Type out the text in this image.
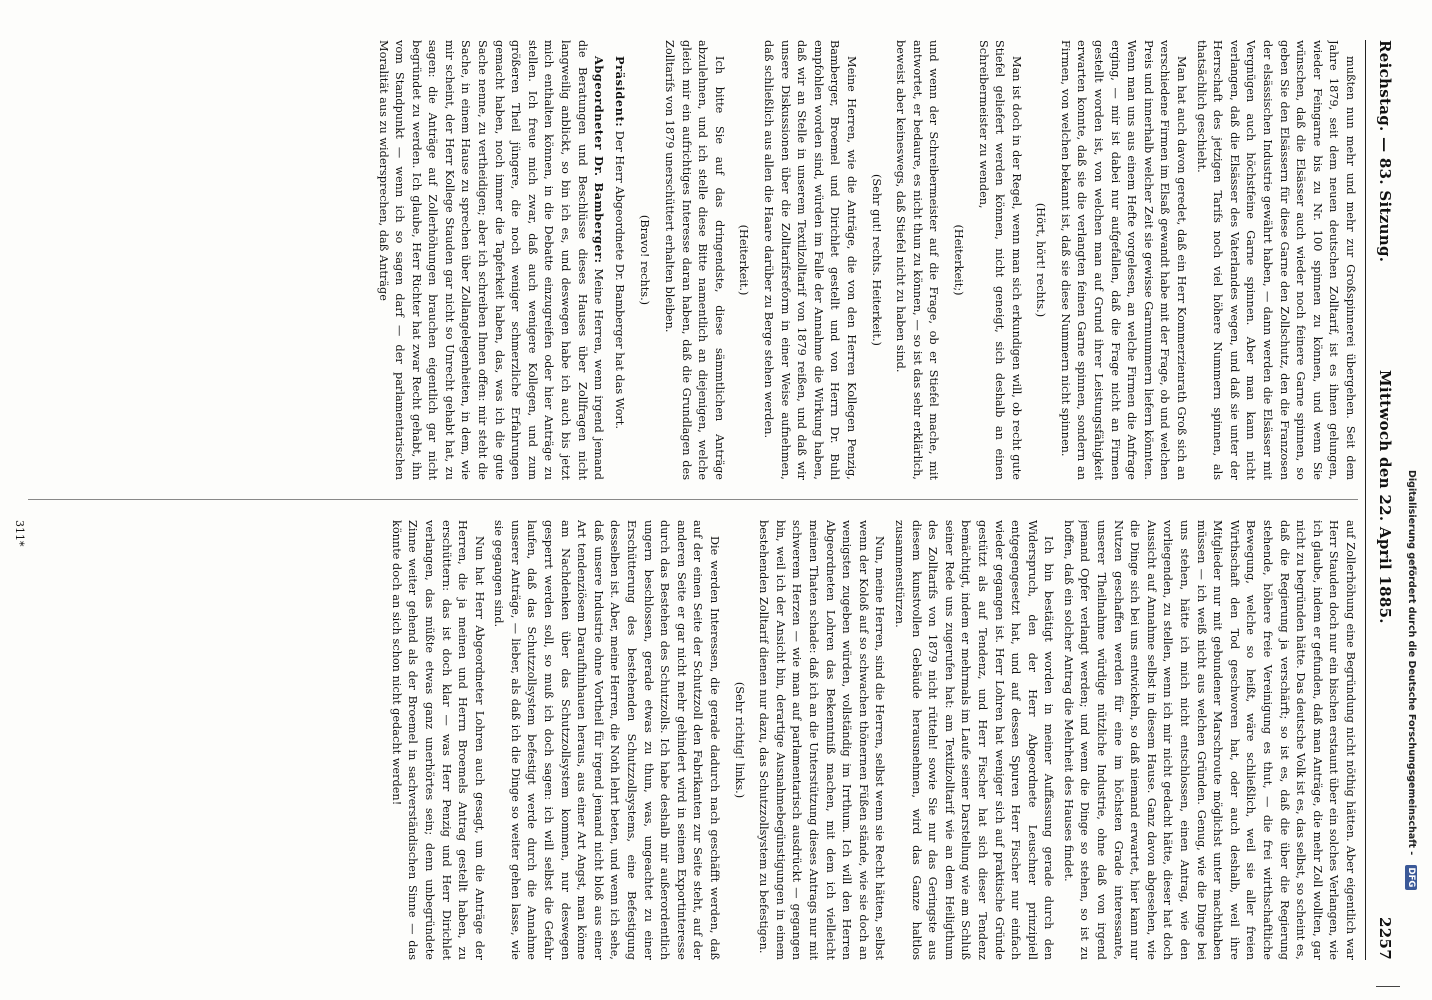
Reichstag. — 83. Sitzung.
Mittwoch den 22. April 1885.
2257

mußten nun mehr und mehr zur Großspinnerei übergehen. Seit dem Jahre 1879, seit dem neuen deutschen Zolltarif, ist es ihnen gelungen, wieder Feingarne bis zu Nr. 100 spinnen zu können, und wenn Sie wünschen, daß die Elsässer auch wieder noch feinere Garne spinnen, so geben Sie den Elsässern für diese Garne den Zollschutz, den die Franzosen der elsässischen Industrie gewährt haben, — dann werden die Elsässer mit Vergnügen auch höchstfeine Garne spinnen. Aber man kann nicht verlangen, daß die Elsässer des Vaterlandes wegen, und daß sie unter der Herrschaft des jetzigen Tarifs noch viel höhere Nummern spinnen, als thatsächlich geschieht.

Man hat auch davon geredet, daß ein Herr Kommerzienrath Groß sich an verschiedene Firmen im Elsaß gewandt habe mit der Frage, ob und welchen Preis und innerhalb welcher Zeit sie gewisse Garnnummern liefern könnten. Wenn man uns aus einem Hefte vorgelesen, an welche Firmen die Anfrage erging, — mir ist dabei nur aufgefallen, daß die Frage nicht an Firmen gestellt worden ist, von welchen man auf Grund ihrer Leistungsfähigkeit erwarten konnte, daß sie die verlangten feinen Garne spinnen, sondern an Firmen, von welchen bekannt ist, daß sie diese Nummern nicht spinnen.

(Hört, hört! rechts.)

Man ist doch in der Regel, wenn man sich erkundigen will, ob recht gute Stiefel geliefert werden können, nicht geneigt, sich deshalb an einen Schreibermeister zu wenden,

(Heiterkeit;)

und wenn der Schreibermeister auf die Frage, ob er Stiefel mache, mit antwortet, er bedaure, es nicht thun zu können, — so ist das sehr erklärlich, beweist aber keineswegs, daß Stiefel nicht zu haben sind.

(Sehr gut! rechts. Heiterkeit.)

Meine Herren, wie die Anträge, die von den Herren Kollegen Penzig, Bamberger, Broemel und Dirichlet gestellt und von Herrn Dr. Buhl empfohlen worden sind, würden im Falle der Annahme die Wirkung haben, daß wir an Stelle in unserem Textilzolltarif von 1879 reißen, und daß wir unsere Diskussionen über die Zolltarifsreform in einer Weise aufnehmen, daß schließlich aus allen die Haare darüber zu Berge stehen werden.

(Heiterkeit.)

Ich bitte Sie auf das dringendste, diese sämmtlichen Anträge abzulehnen, und ich stelle diese Bitte namentlich an diejenigen, welche gleich mir ein aufrichtiges Interesse daran haben, daß die Grundlagen des Zolltarifs von 1879 unerschüttert erhalten bleiben.

(Bravo! rechts.)

Präsident: Der Herr Abgeordnete Dr. Bamberger hat das Wort.

Abgeordneter Dr. Bamberger: Meine Herren, wenn irgend jemand die Beratungen und Beschlüsse dieses Hauses über Zollfragen nicht langweilig anblickt, so bin ich es, und deswegen habe ich auch bis jetzt mich enthalten können, in die Debatte einzugreifen oder hier Anträge zu stellen. Ich freue mich zwar, daß auch wenigere Kollegen, und zum größeren Theil jüngere, die noch weniger schmerzliche Erfahrungen gemacht haben, noch immer die Tapferkeit haben, das, was ich die gute Sache nenne, zu vertheidigen; aber ich schreiben Ihnen offen: mir steht die Sache, in einem Hause zu sprechen über Zollangelegenheiten, in dem, wie mir scheint, der Herr Kollege Stauden gar nicht so Unrecht gehabt hat, zu sagen: die Anträge auf Zollerhöhungen brauchen eigentlich gar nicht begründet zu werden. Ich glaube, Herr Richter hat zwar Recht gehabt, ihn vom Standpunkt — wenn ich so sagen darf — der parlamentarischen Moralität aus zu widersprechen, daß Anträge

auf Zollerhöhung eine Begründung nicht nöthig hätten. Aber eigentlich war Herr Stauden doch nur ein bischen erstaunt über ein solches Verlangen, wie ich glaube, indem er gefunden, daß man Anträge, die mehr Zoll wollten, gar nicht zu begründen hätte. Das deutsche Volk ist es, das selbst, so scheint es, daß die Regierung ja verschärft; so ist es, daß die über die Regierung stehende, höhere freie Vereinigung es thut, — die frei wirthschaftliche Bewegung, welche so heißt, wäre schließlich, weil sie aller freien Wirthschaft den Tod geschworen hat, oder auch deshalb, weil ihre Mitglieder nur mit gebundener Marschroute möglichst unter machthaben müssen — ich weiß nicht aus welchen Gründen. Genug, wie die Dinge bei uns stehen, hätte ich mich nicht entschlossen, einen Antrag, wie den vorliegenden, zu stellen, wenn ich mir nicht gedacht hätte, dieser hat doch Aussicht auf Annahme selbst in diesem Hause. Ganz davon abgesehen, wie die Dinge sich bei uns entwickeln, so daß niemand erwartet, hier kann nur Nutzen geschaffen werden für eine im höchsten Grade interessante, unserer Theilnahme würdige nützliche Industrie, ohne daß von irgend jemand Opfer verlangt werden; und wenn die Dinge so stehen, so ist zu hoffen, daß ein solcher Antrag die Mehrheit des Hauses findet.

Ich bin bestätigt worden in meiner Auffassung gerade durch den Widerspruch, den der Herr Abgeordnete Leuschner prinzipiell entgegengesetzt hat, und auf dessen Spuren Herr Fischer nur einfach wieder gegangen ist. Herr Lohren hat weniger sich auf praktische Gründe gestützt als auf Tendenz, und Herr Fischer hat sich dieser Tendenz bemächtigt, indem er mehrmals im Laufe seiner Darstellung wie am Schluß seiner Rede uns zugerufen hat: am Textilzolltarif wie an dem Heiligthum des Zolltarifs von 1879 nicht rütteln! sowie Sie nur das Geringste aus diesem kunstvollen Gebäude herausnehmen, wird das Ganze haltlos zusammenstürzen.

Nun, meine Herren, sind die Herren, selbst wenn sie Recht hätten, selbst wenn der Koloß auf so schwachen thönernen Füßen stände, wie sie doch an wenigsten zugeben würden, vollständig im Irrthum. Ich will den Herren Abgeordneten Lohren das Bekenntniß machen, mit dem ich vielleicht meinen Thaten schade: daß ich an die Unterstützung dieses Antrags nur mit schwerem Herzen — wie man auf parlamentarisch ausdrückt — gegangen bin, weil ich der Ansicht bin, derartige Ausnahmebegünstigungen in einem bestehenden Zolltarif dienen nur dazu, das Schutzzollsystem zu befestigen.

(Sehr richtig! links.)

Die werden Interessen, die gerade dadurch nach geschäfft werden, daß auf der einen Seite der Schutzzoll den Fabrikanten zur Seite steht, auf der anderen Seite er gar nicht mehr gehindert wird in seinem Exportinteresse durch das Bestehen des Schutzzolls. Ich habe deshalb mir außerordentlich ungern beschlossen, gerade etwas zu thun, was, ungeachtet zu einer Erschütterung des bestehenden Schutzzollsystems, eine Befestigung desselben ist. Aber, meine Herren, die Noth lehrt beten, und wenn ich sehe, daß unsere Industrie ohne Vortheil für irgend jemand nicht bloß aus einer Art tendenziösem Daraufhinhauen heraus, aus einer Art Angst, man könne am Nachdenken über das Schutzzollsystem kommen, nur deswegen gesperrt werden soll, so muß ich doch sagen: ich will selbst die Gefahr laufen, daß das Schutzzollsystem befestigt werde durch die Annahme unserer Anträge, — lieber, als daß ich die Dinge so weiter gehen lasse, wie sie gegangen sind.

Nun hat Herr Abgeordneter Lohren auch gesagt, um die Anträge der Herren, die ja meinen und Herrn Broemels Antrag gestellt haben, zu erschüttern: das ist doch klar — was Herr Penzig und Herr Dirichlet verlangen, das müßte etwas ganz unerhörtes sein; denn unbegründete Zinne weiter gehend als der Broemel in sachverständischen Sinne — das könnte doch an sich schon nicht gedacht werden!

311*	Digitalisierung gefördert durch die Deutsche Forschungsgemeinschaft - DFG
